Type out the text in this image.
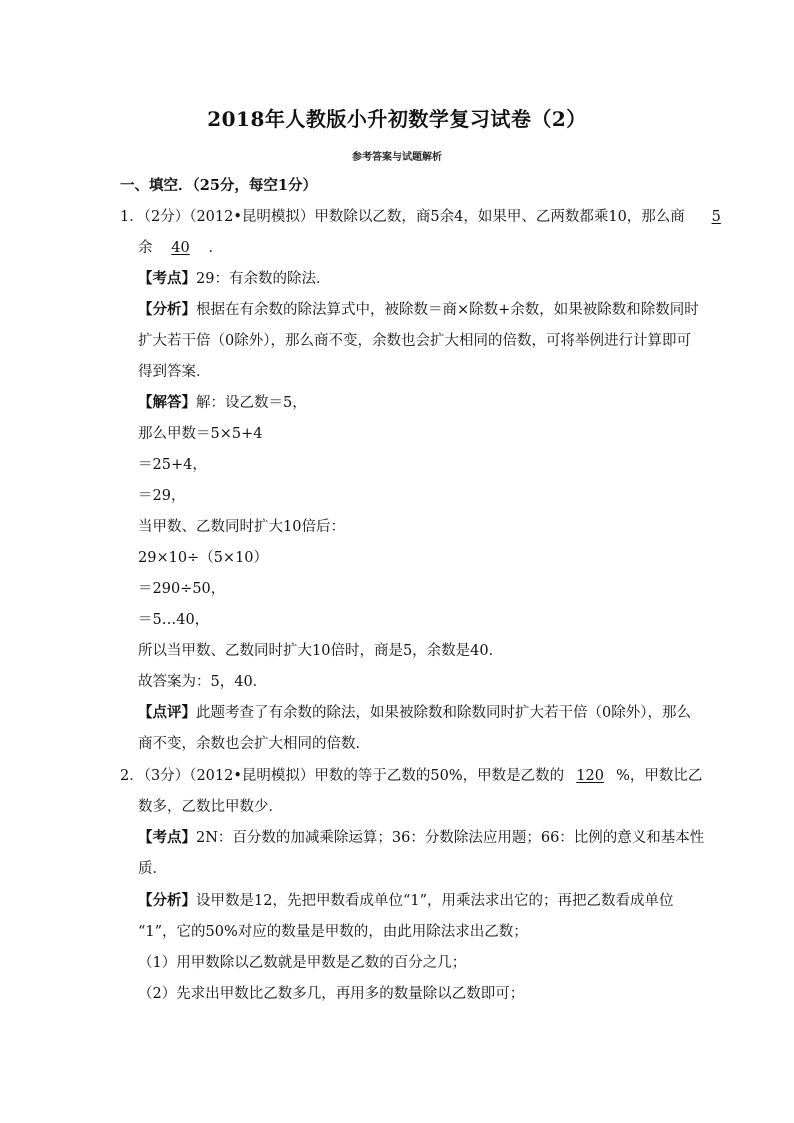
2018年人教版小升初数学复习试卷（2）
参考答案与试题解析
一、填空．（25分，每空1分）
1．（2分）（2012•昆明模拟）甲数除以乙数，商5余4，如果甲、乙两数都乘10，那么商 5
余 40 ．
【考点】29：有余数的除法．
【分析】根据在有余数的除法算式中，被除数＝商×除数+余数，如果被除数和除数同时
扩大若干倍（0除外），那么商不变，余数也会扩大相同的倍数，可将举例进行计算即可
得到答案．
【解答】解：设乙数＝5，
那么甲数＝5×5+4
＝25+4，
＝29，
当甲数、乙数同时扩大10倍后：
29×10÷（5×10）
＝290÷50，
＝5…40，
所以当甲数、乙数同时扩大10倍时，商是5，余数是40．
故答案为：5，40．
【点评】此题考查了有余数的除法，如果被除数和除数同时扩大若干倍（0除外），那么
商不变，余数也会扩大相同的倍数．
2．（3分）（2012•昆明模拟）甲数的等于乙数的50%，甲数是乙数的 120 %，甲数比乙
数多，乙数比甲数少．
【考点】2N：百分数的加减乘除运算；36：分数除法应用题；66：比例的意义和基本性
质．
【分析】设甲数是12，先把甲数看成单位“1”，用乘法求出它的；再把乙数看成单位
“1”，它的50%对应的数量是甲数的，由此用除法求出乙数；
（1）用甲数除以乙数就是甲数是乙数的百分之几；
（2）先求出甲数比乙数多几，再用多的数量除以乙数即可；
